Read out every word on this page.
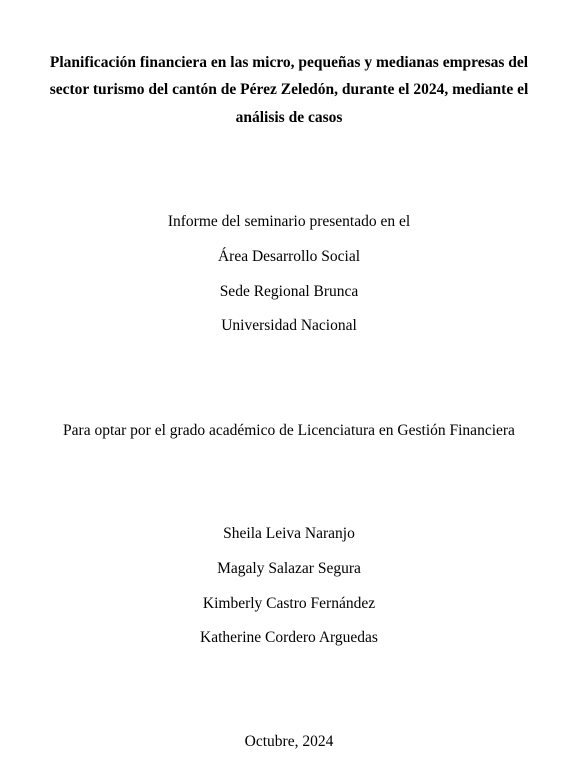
Planificación financiera en las micro, pequeñas y medianas empresas del
sector turismo del cantón de Pérez Zeledón, durante el 2024, mediante el
análisis de casos
Informe del seminario presentado en el
Área Desarrollo Social
Sede Regional Brunca
Universidad Nacional
Para optar por el grado académico de Licenciatura en Gestión Financiera
Sheila Leiva Naranjo
Magaly Salazar Segura
Kimberly Castro Fernández
Katherine Cordero Arguedas
Octubre, 2024
